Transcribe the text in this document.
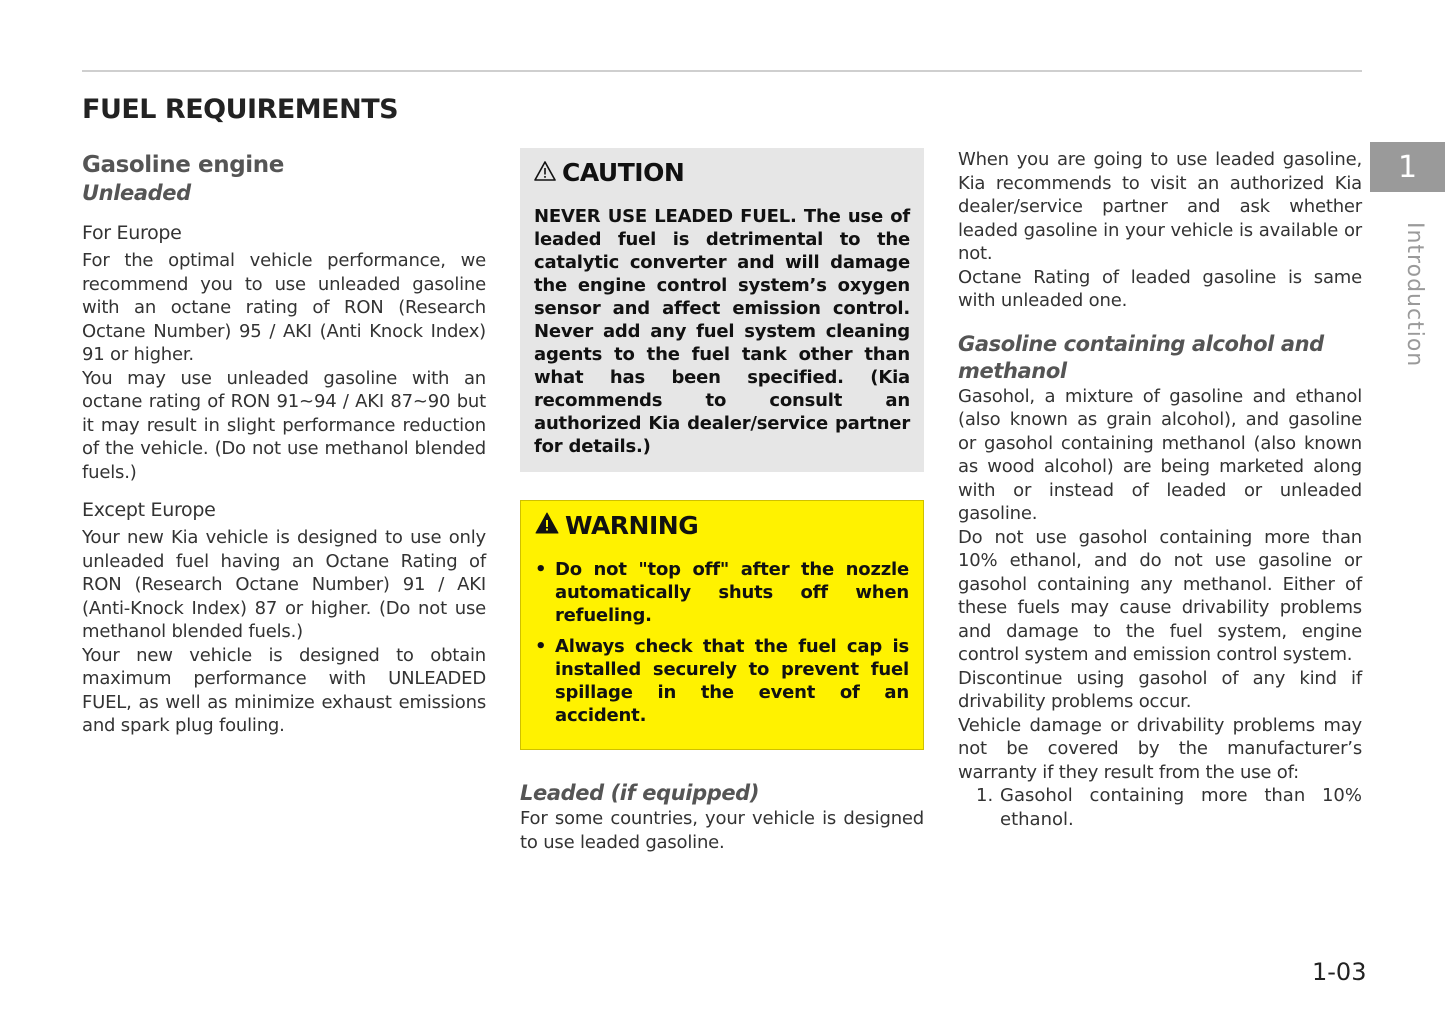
FUEL REQUIREMENTS
Gasoline engine
Unleaded
For Europe

For the optimal vehicle performance, we recommend you to use unleaded gasoline with an octane rating of RON (Research Octane Number) 95 / AKI (Anti Knock Index) 91 or higher.

You may use unleaded gasoline with an octane rating of RON 91~94 / AKI 87~90 but it may result in slight performance reduction of the vehicle. (Do not use methanol blended fuels.)

Except Europe

Your new Kia vehicle is designed to use only unleaded fuel having an Octane Rating of RON (Research Octane Number) 91 / AKI (Anti-Knock Index) 87 or higher. (Do not use methanol blended fuels.)

Your new vehicle is designed to obtain maximum performance with UNLEADED FUEL, as well as minimize exhaust emissions and spark plug fouling.

CAUTION

NEVER USE LEADED FUEL. The use of leaded fuel is detrimental to the catalytic converter and will damage the engine control system’s oxygen sensor and affect emission control. Never add any fuel system cleaning agents to the fuel tank other than what has been specified. (Kia recommends to consult an authorized Kia dealer/service partner for details.)

WARNING
• Do not "top off" after the nozzle automatically shuts off when refueling.
• Always check that the fuel cap is installed securely to prevent fuel spillage in the event of an accident.
Leaded (if equipped)

For some countries, your vehicle is designed to use leaded gasoline.

When you are going to use leaded gasoline, Kia recommends to visit an authorized Kia dealer/service partner and ask whether leaded gasoline in your vehicle is available or not.

Octane Rating of leaded gasoline is same with unleaded one.

Gasoline containing alcohol and methanol

Gasohol, a mixture of gasoline and ethanol (also known as grain alcohol), and gasoline or gasohol containing methanol (also known as wood alcohol) are being marketed along with or instead of leaded or unleaded gasoline.

Do not use gasohol containing more than 10% ethanol, and do not use gasoline or gasohol containing any methanol. Either of these fuels may cause drivability problems and damage to the fuel system, engine control system and emission control system.

Discontinue using gasohol of any kind if drivability problems occur.

Vehicle damage or drivability problems may not be covered by the manufacturer’s warranty if they result from the use of:

1. Gasohol containing more than 10% ethanol.
1
Introduction
1-03
